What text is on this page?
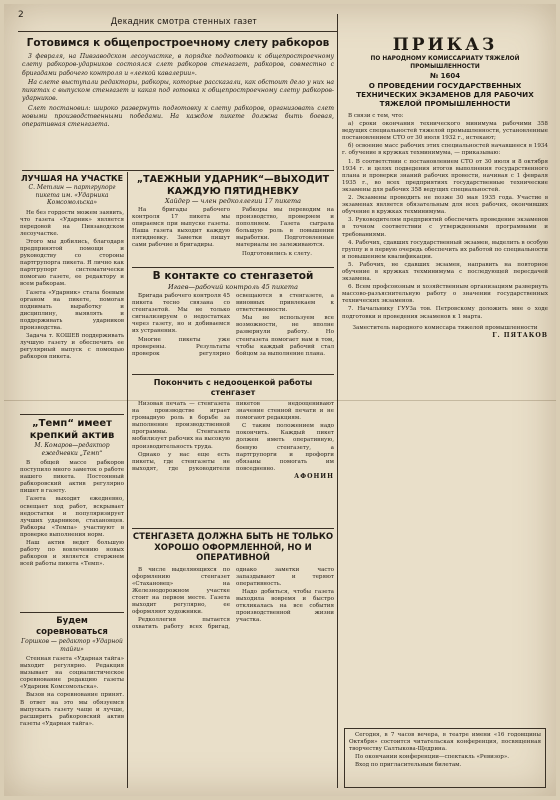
2
Декадник смотра стенных газет
Готовимся к общепростроечному слету рабкоров

3 февраля, на Пивзаводском лесоучастке, в порядке подготовки к общепростроечному слету рабкоров-ударников состоялся слет рабкоров стенгазет, рабкоров, совместно с бригадами рабочего контроля и «легкой кавалерии».

На слете выступали редакторы, рабкоры, которые рассказали, как обстоит дело у них на пикетах с выпуском стенгазет и какая под готовка к общепростроечному слету рабкоров-ударников.

Слет постановил: широко развернуть подготовку к слету рабкоров, организовать слет новыми производственными победами. На каждом пикете должна быть боевая, оперативная стенгазета.

ЛУЧШАЯ НА УЧАСТКЕ
С. Метлин — партгрупорг пикета им. «Ударника Комсомольска»

Не без гордости можем заявить, что газета «Ударник» является передовой на Пивзаводском лесоучастке.

Этого мы добились, благодаря предпринятой помощи и руководству со стороны партгрупорга пикета. Я лично как партгрупорг систематически помогаю газете, ее редактору и всем рабкорам.

Газета «Ударник» стала боевым органом на пикете, помогая поднимать выработку и дисциплину, выявлять и поддерживать ударников производства.

Задача т. КОШЕВ поддерживать лучшую газету и обеспечить ее регулярный выпуск с помощью рабкоров пикета.

„Темп“ имеет крепкий актив
М. Комаров—редактор ежедневки „Темп“

В общей массе рабкоров поступило много заметок о работе нашего пикета. Постоянный рабкоровский актив регулярно пишет в газету.

Газета выходит ежедневно, освещает ход работ, вскрывает недостатки и популяризирует лучших ударников, стахановцев. Рабкоры «Темпа» участвуют в проверке выполнения норм.

Наш актив ведет большую работу по вовлечению новых рабкоров и является стержнем всей работы пикета «Темп».

Будем соревноваться
Горшков — редактор «Ударной тайги»

Стенная газета «Ударная тайга» выходит регулярно. Редакция вызывает на социалистическое соревнование редакцию газеты «Ударник Комсомольска».

Вызов на соревнование принят. В ответ на это мы обязуемся выпускать газету чаще и лучше, расширить рабкоровский актив газеты «Ударная тайга».

„ТАЕЖНЫЙ УДАРНИК“—ВЫХОДИТ КАЖДУЮ ПЯТИДНЕВКУ
Хайдер — член редколлегии 17 пикета

На бригады рабочего контроля 17 пикета мы опираемся при выпуске газеты. Наша газета выходит каждую пятидневку. Заметки пишут сами рабочие и бригадиры.

Рабкоры мы переводим на производство, проверяем и пополняем. Газета сыграла большую роль в повышении выработки. Подготовленные материалы не залеживаются.

Подготовились к слету.

В контакте со стенгазетой
Игаев—рабочий контроль 45 пикета

Бригада рабочего контроля 45 пикета тесно связана со стенгазетой. Мы не только сигнализируем о недостатках через газету, но и добиваемся их устранения.

Многие пикеты уже проверены. Результаты проверок регулярно освещаются в стенгазете, а виновных привлекаем к ответственности.

Мы не используем все возможности, не вполне развернули работу. Но стенгазета помогает нам в том, чтобы каждый рабочий стал бойцом за выполнение плана.

Покончить с недооценкой работы стенгазет

Низовая печать — стенгазета на производстве играет громадную роль в борьбе за выполнение производственной программы. Стенгазета мобилизует рабочих на высокую производительность труда.

Однако у нас еще есть пикеты, где стенгазеты не выходят, где руководители пикетов недооценивают значение стенной печати и не помогают редакциям.

С таким положением надо покончить. Каждый пикет должен иметь оперативную, боевую стенгазету, а партгрупорги и профорги обязаны помогать им повседневно.

АФОНИН
СТЕНГАЗЕТА ДОЛЖНА БЫТЬ НЕ ТОЛЬКО ХОРОШО ОФОРМЛЕННОЙ, НО И ОПЕРАТИВНОЙ

В числе выделяющихся по оформлению стенгазет «Стахановец» на Железнодорожном участке стоит на первом месте. Газета выходит регулярно, ее оформляют художники.

Редколлегия пытается охватить работу всех бригад, однако заметки часто запаздывают и теряют оперативность.

Надо добиться, чтобы газета выходила вовремя и быстро откликалась на все события производственной жизни участка.

ПРИКАЗ
ПО НАРОДНОМУ КОМИССАРИАТУ ТЯЖЕЛОЙ ПРОМЫШЛЕННОСТИ
№ 1604
О ПРОВЕДЕНИИ ГОСУДАРСТВЕННЫХ ТЕХНИЧЕСКИХ ЭКЗАМЕНОВ ДЛЯ РАБОЧИХ ТЯЖЕЛОЙ ПРОМЫШЛЕННОСТИ

В связи с тем, что:

а) сроки окончания технического минимума рабочими 358 ведущих специальностей тяжелой промышленности, установленные постановлением СТО от 30 июля 1932 г., истекают;

б) освоение масс рабочих этих специальностей начавшееся в 1934 г. обучение в кружках техминимума, — приказываю:

1. В соответствии с постановлением СТО от 30 июля и 8 октября 1934 г. и целях подведения итогов выполнения государственного плана и проверки знаний рабочих провести, начиная с 1 февраля 1935 г., во всех предприятиях государственные технические экзамены для рабочих 358 ведущих специальностей.

2. Экзамены проводить не позже 30 мая 1935 года. Участие в экзаменах является обязательным для всех рабочих, окончивших обучение в кружках техминимума.

3. Руководителям предприятий обеспечить проведение экзаменов в точном соответствии с утвержденными программами и требованиями.

4. Рабочих, сдавших государственный экзамен, выделить в особую группу и в первую очередь обеспечить их работой по специальности и повышением квалификации.

5. Рабочих, не сдавших экзамен, направить на повторное обучение в кружках техминимума с последующей пересдачей экзамена.

6. Всем профсоюзным и хозяйственным организациям развернуть массово-разъяснительную работу о значении государственных технических экзаменов.

7. Начальнику ГУУЗа тов. Петровскому доложить мне о ходе подготовки и проведения экзаменов к 1 марта.

Заместитель народного комиссара тяжелой промышленности
Г. ПЯТАКОВ

Сегодня, в 7 часов вечера, в театре имени «16 годовщины Октября» состоится читательская конференция, посвященная творчеству Салтыкова-Щедрина.

По окончании конференции—спектакль «Ревизор».

Вход по пригласительным билетам.
